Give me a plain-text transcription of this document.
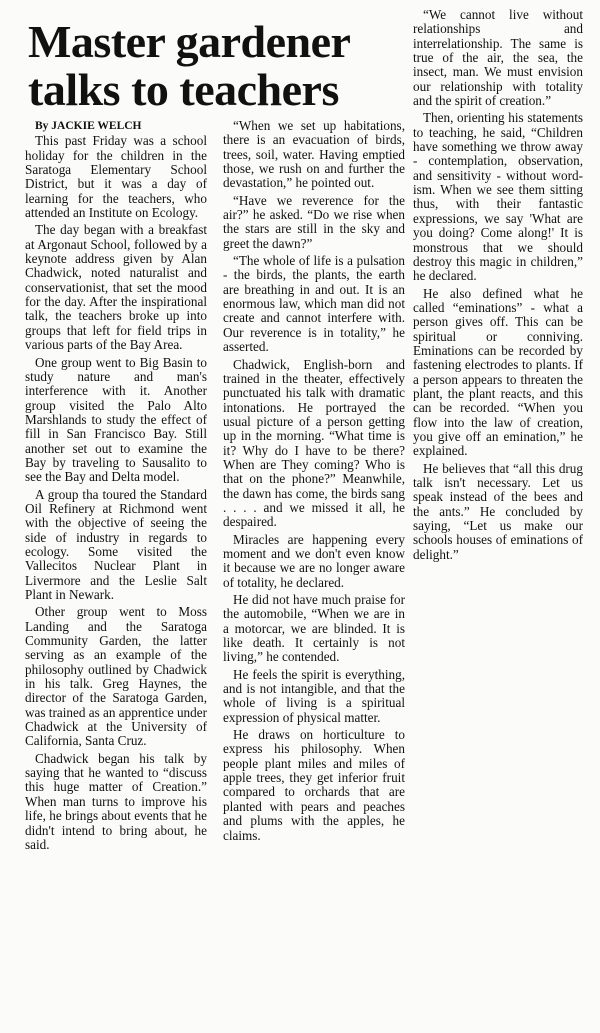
Master gardener
talks to teachers
By JACKIE WELCH

This past Friday was a school holiday for the children in the Saratoga Elementary School District, but it was a day of learning for the teachers, who attended an Institute on Ecology.

The day began with a breakfast at Argonaut School, followed by a keynote address given by Alan Chadwick, noted naturalist and conservationist, that set the mood for the day. After the inspirational talk, the teachers broke up into groups that left for field trips in various parts of the Bay Area.

One group went to Big Basin to study nature and man's interference with it. Another group visited the Palo Alto Marshlands to study the effect of fill in San Francisco Bay. Still another set out to examine the Bay by traveling to Sausalito to see the Bay and Delta model.

A group tha toured the Standard Oil Refinery at Richmond went with the objective of seeing the side of industry in regards to ecology. Some visited the Vallecitos Nuclear Plant in Livermore and the Leslie Salt Plant in Newark.

Other group went to Moss Landing and the Saratoga Community Garden, the latter serving as an example of the philosophy outlined by Chadwick in his talk. Greg Haynes, the director of the Saratoga Garden, was trained as an apprentice under Chadwick at the University of California, Santa Cruz.

Chadwick began his talk by saying that he wanted to “discuss this huge matter of Creation.” When man turns to improve his life, he brings about events that he didn't intend to bring about, he said.

“When we set up habitations, there is an evacuation of birds, trees, soil, water. Having emptied those, we rush on and further the devastation,” he pointed out.

“Have we reverence for the air?” he asked. “Do we rise when the stars are still in the sky and greet the dawn?”

“The whole of life is a pulsation - the birds, the plants, the earth are breathing in and out. It is an enormous law, which man did not create and cannot interfere with. Our reverence is in totality,” he asserted.

Chadwick, English-born and trained in the theater, effectively punctuated his talk with dramatic intonations. He portrayed the usual picture of a person getting up in the morning. “What time is it? Why do I have to be there? When are They coming? Who is that on the phone?” Meanwhile, the dawn has come, the birds sang . . . . and we missed it all, he despaired.

Miracles are happening every moment and we don't even know it because we are no longer aware of totality, he declared.

He did not have much praise for the automobile, “When we are in a motorcar, we are blinded. It is like death. It certainly is not living,” he contended.

He feels the spirit is everything, and is not intangible, and that the whole of living is a spiritual expression of physical matter.

He draws on horticulture to express his philosophy. When people plant miles and miles of apple trees, they get inferior fruit compared to orchards that are planted with pears and peaches and plums with the apples, he claims.

“We cannot live without relationships and interrelationship. The same is true of the air, the sea, the insect, man. We must envision our relationship with totality and the spirit of creation.”

Then, orienting his statements to teaching, he said, “Children have something we throw away - contemplation, observation, and sensitivity - without word-ism. When we see them sitting thus, with their fantastic expressions, we say 'What are you doing? Come along!' It is monstrous that we should destroy this magic in children,” he declared.

He also defined what he called “eminations” - what a person gives off. This can be spiritual or conniving. Eminations can be recorded by fastening electrodes to plants. If a person appears to threaten the plant, the plant reacts, and this can be recorded. “When you flow into the law of creation, you give off an emination,” he explained.

He believes that “all this drug talk isn't necessary. Let us speak instead of the bees and the ants.” He concluded by saying, “Let us make our schools houses of eminations of delight.”
